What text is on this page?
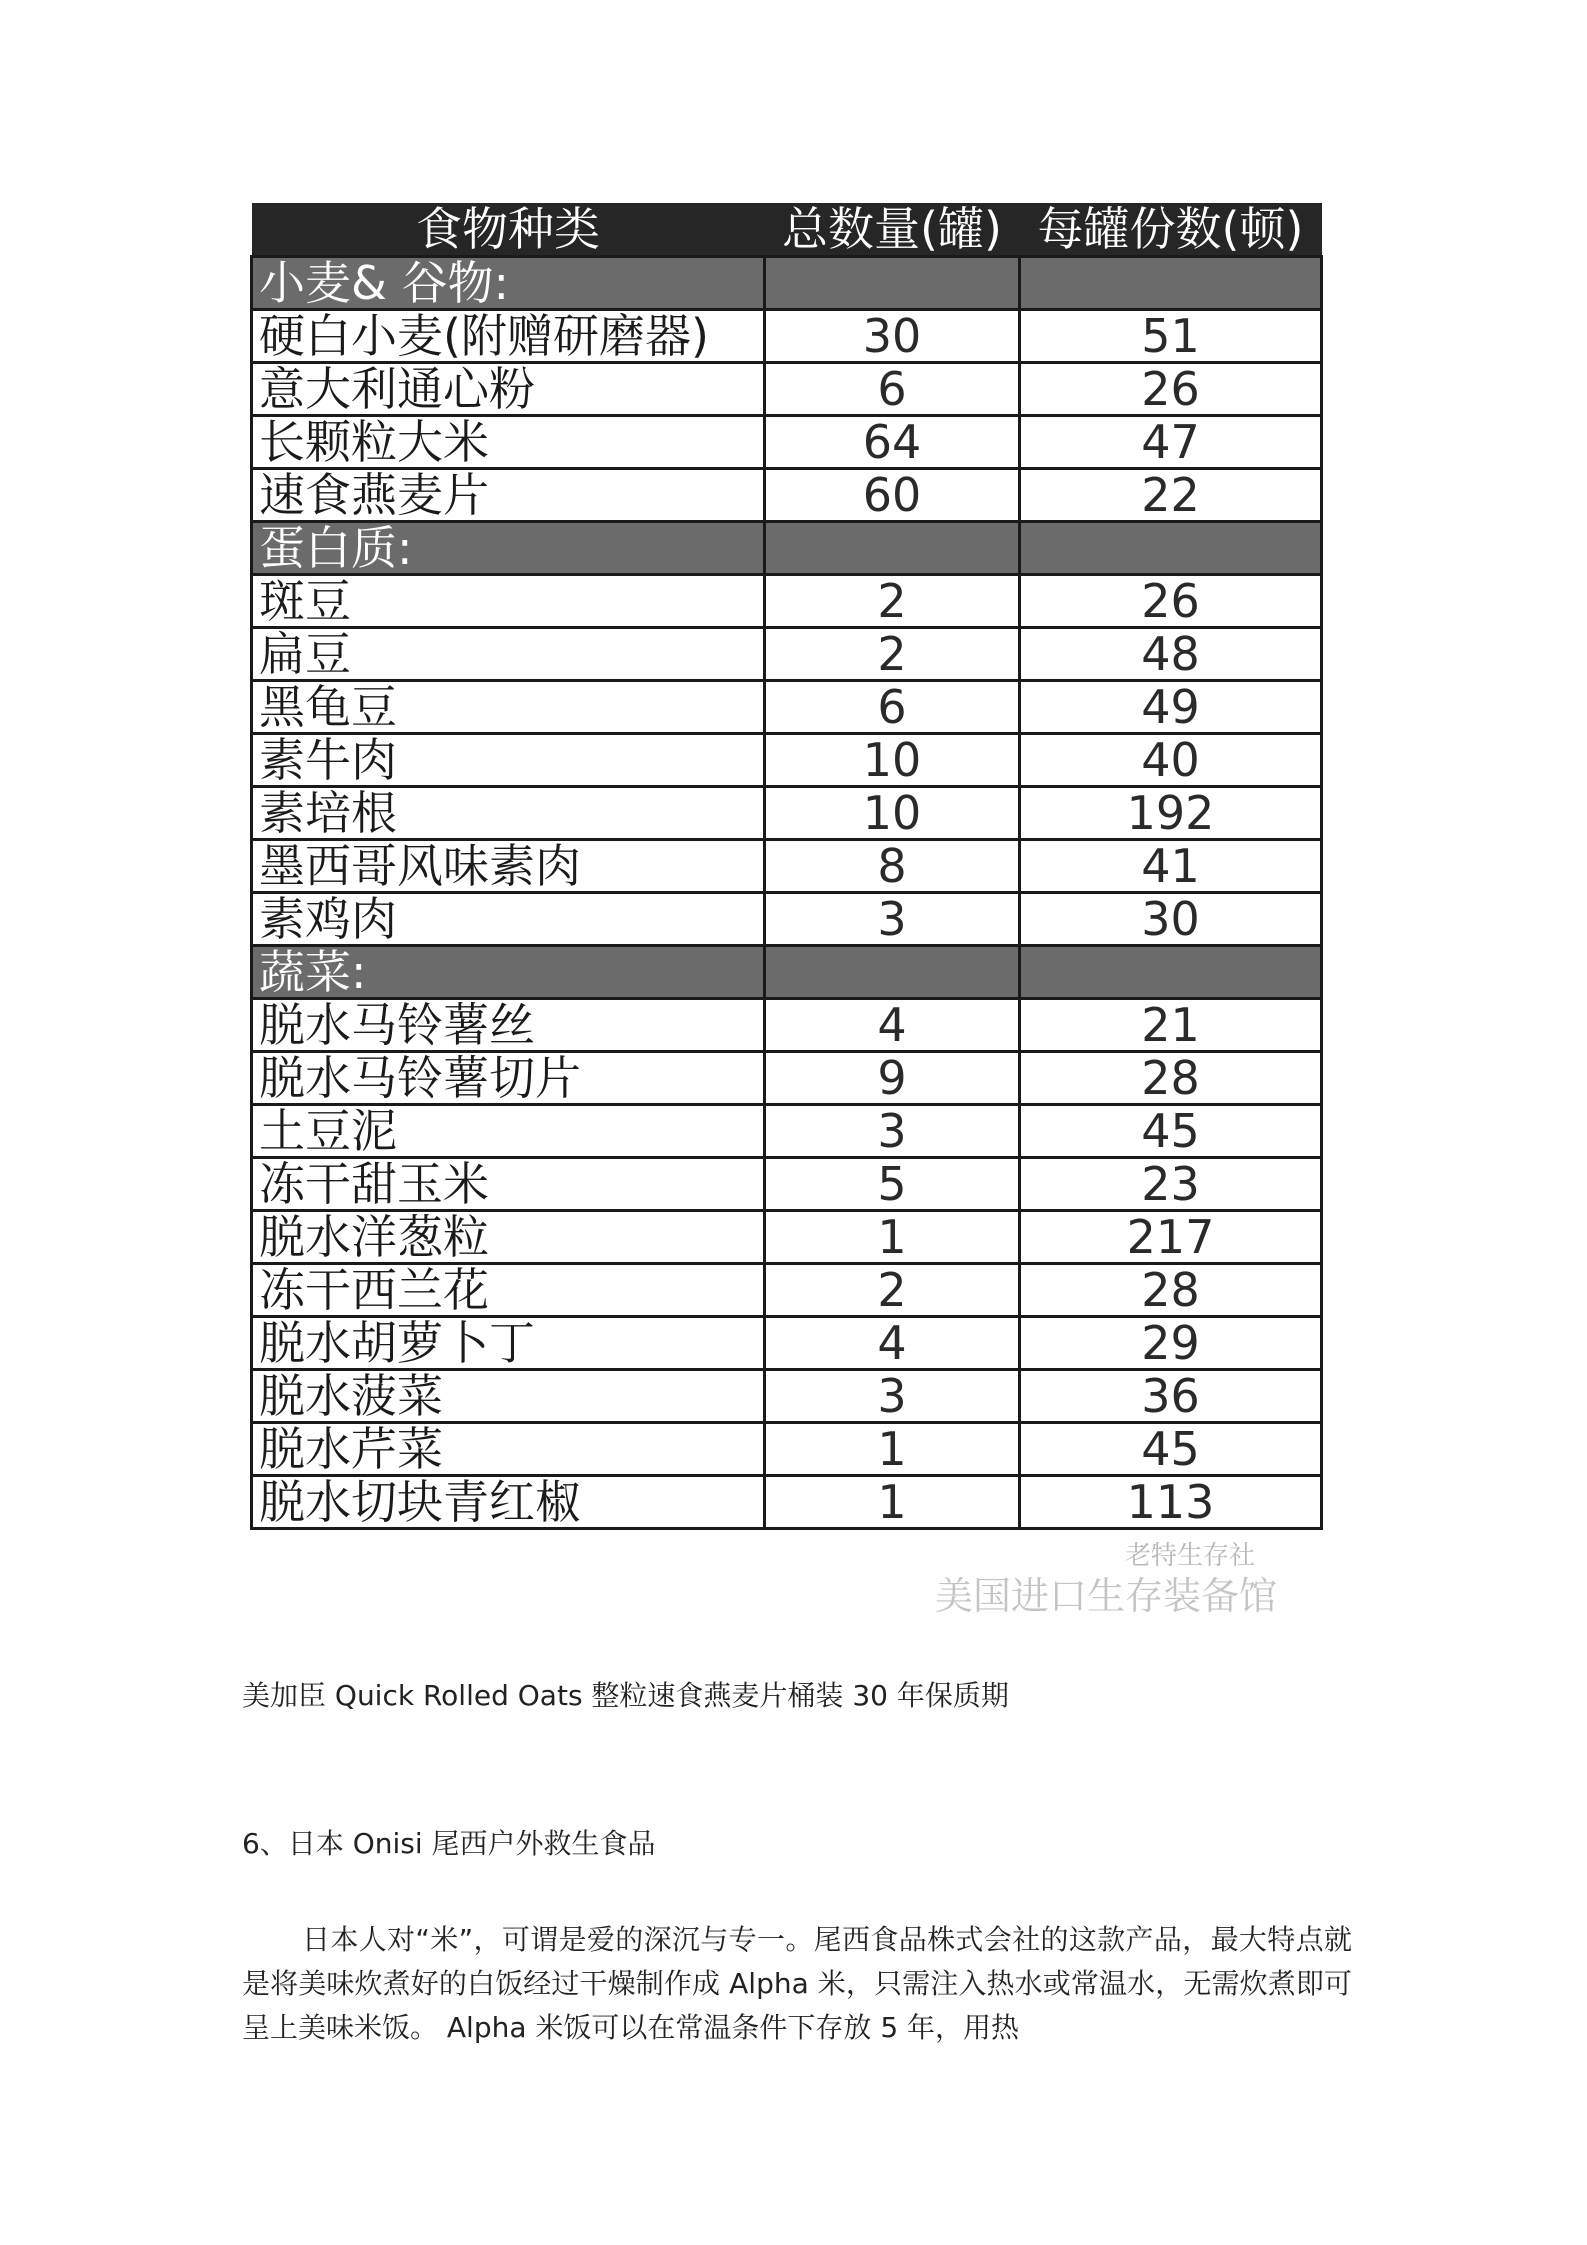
食物种类	总数量(罐)	每罐份数(顿)
小麦& 谷物:		
硬白小麦(附赠研磨器)	30	51
意大利通心粉	6	26
长颗粒大米	64	47
速食燕麦片	60	22
蛋白质:		
斑豆	2	26
扁豆	2	48
黑龟豆	6	49
素牛肉	10	40
素培根	10	192
墨西哥风味素肉	8	41
素鸡肉	3	30
蔬菜:		
脱水马铃薯丝	4	21
脱水马铃薯切片	9	28
土豆泥	3	45
冻干甜玉米	5	23
脱水洋葱粒	1	217
冻干西兰花	2	28
脱水胡萝卜丁	4	29
脱水菠菜	3	36
脱水芹菜	1	45
脱水切块青红椒	1	113
老特生存社
美国进口生存装备馆
美加臣 Quick Rolled Oats 整粒速食燕麦片桶装 30 年保质期
6、日本 Onisi 尾西户外救生食品
日本人对“米”，可谓是爱的深沉与专一。尾西食品株式会社的这款产品，最大特点就是将美味炊煮好的白饭经过干燥制作成 Alpha 米，只需注入热水或常温水，无需炊煮即可呈上美味米饭。 Alpha 米饭可以在常温条件下存放 5 年，用热
